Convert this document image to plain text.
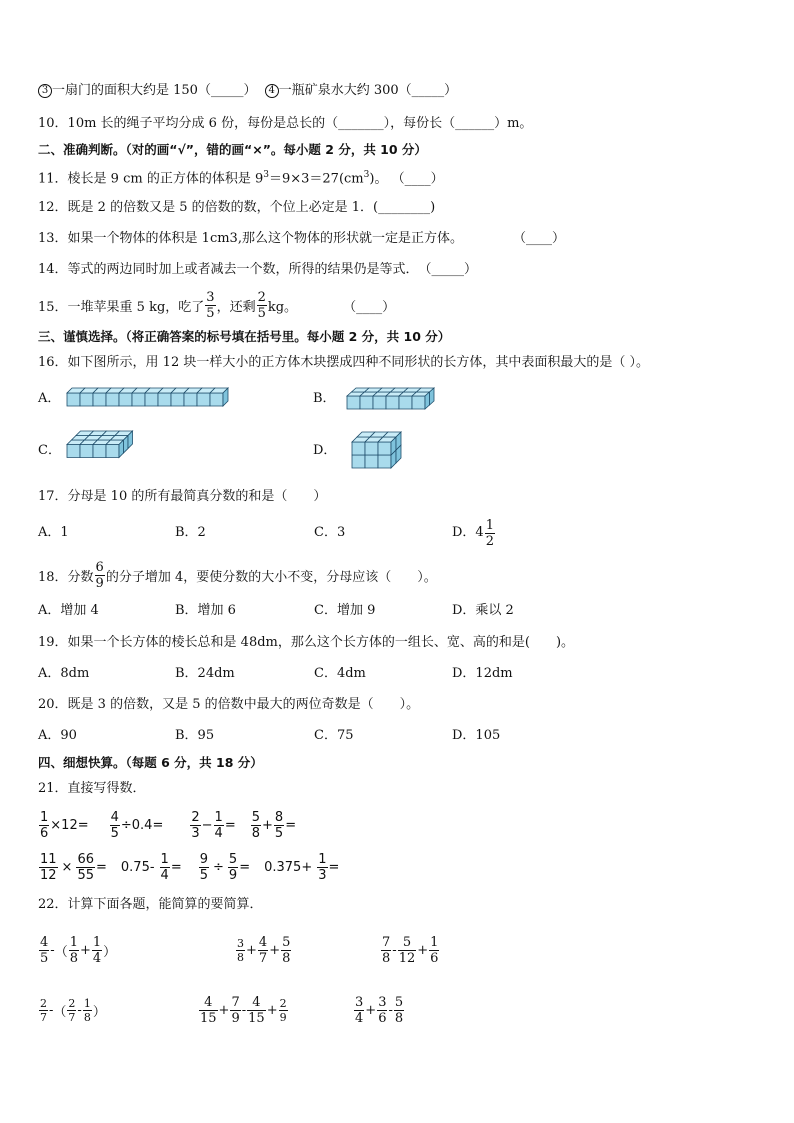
3 一扇门的面积大约是 150（_____） 4 一瓶矿泉水大约 300（_____）
10．10m 长的绳子平均分成 6 份，每份是总长的（_______），每份长（______）m。
二、准确判断。（对的画“√”，错的画“×”。每小题 2 分，共 10 分）
11．棱长是 9 cm 的正方体的体积是 $9^3=9\times 3=27(cm^3)$。 （____）
12．既是 2 的倍数又是 5 的倍数的数，个位上必定是 1．(________)
13．如果一个物体的体积是 1cm3,那么这个物体的形状就一定是正方体。	（____）
14．等式的两边同时加上或者减去一个数，所得的结果仍是等式．　（_____）
15．一堆苹果重 5 kg，吃了 $\frac{3}{5}$ ，还剩 $\frac{2}{5}$ kg。	（____）
三、谨慎选择。（将正确答案的标号填在括号里。每小题 2 分，共 10 分）
16．如下图所示，用 12 块一样大小的正方体木块摆成四种不同形状的长方体，其中表面积最大的是（ ）。
A．	B．
C．	D．
17．分母是 10 的所有最简真分数的和是（　　）
A．1	B．2	C．3	D．$4 \frac{1}{2}$
18．分数 $\frac{6}{9}$ 的分子增加 4，要使分数的大小不变，分母应该（　　）。
A．增加 4	B．增加 6	C．增加 9	D．乘以 2
19．如果一个长方体的棱长总和是 48dm，那么这个长方体的一组长、宽、高的和是(　　)。
A．8dm	B．24dm	C．4dm	D．12dm
20．既是 3 的倍数，又是 5 的倍数中最大的两位奇数是（　　）。
A．90	B．95	C．75	D．105
四、细想快算。（每题 6 分，共 18 分）
21．直接写得数．
$\frac{1}{6} \times 12= \frac{4}{5} \div 0.4= \frac{2}{3} - \frac{1}{4} = \frac{5}{8} + \frac{8}{5}$ =
$\frac{11}{12} \times \frac{66}{55} = 0.75- \frac{1}{4} = \frac{9}{5} \div \frac{5}{9} = 0.375+ \frac{1}{3}$ =
22．计算下面各题，能简算的要简算．
$\frac{4}{5}$ - （ $\frac{1}{8} + \frac{1}{4}$ ）	$\frac{3}{8} + \frac{4}{7} + \frac{5}{8}$	$\frac{7}{8} - \frac{5}{12} + \frac{1}{6}$
$\frac{2}{7}$ - （ $\frac{2}{7} - \frac{1}{8}$ ）	$\frac{4}{15} + \frac{7}{9} - \frac{4}{15} + \frac{2}{9}$	$\frac{3}{4} + \frac{3}{6} - \frac{5}{8}$
